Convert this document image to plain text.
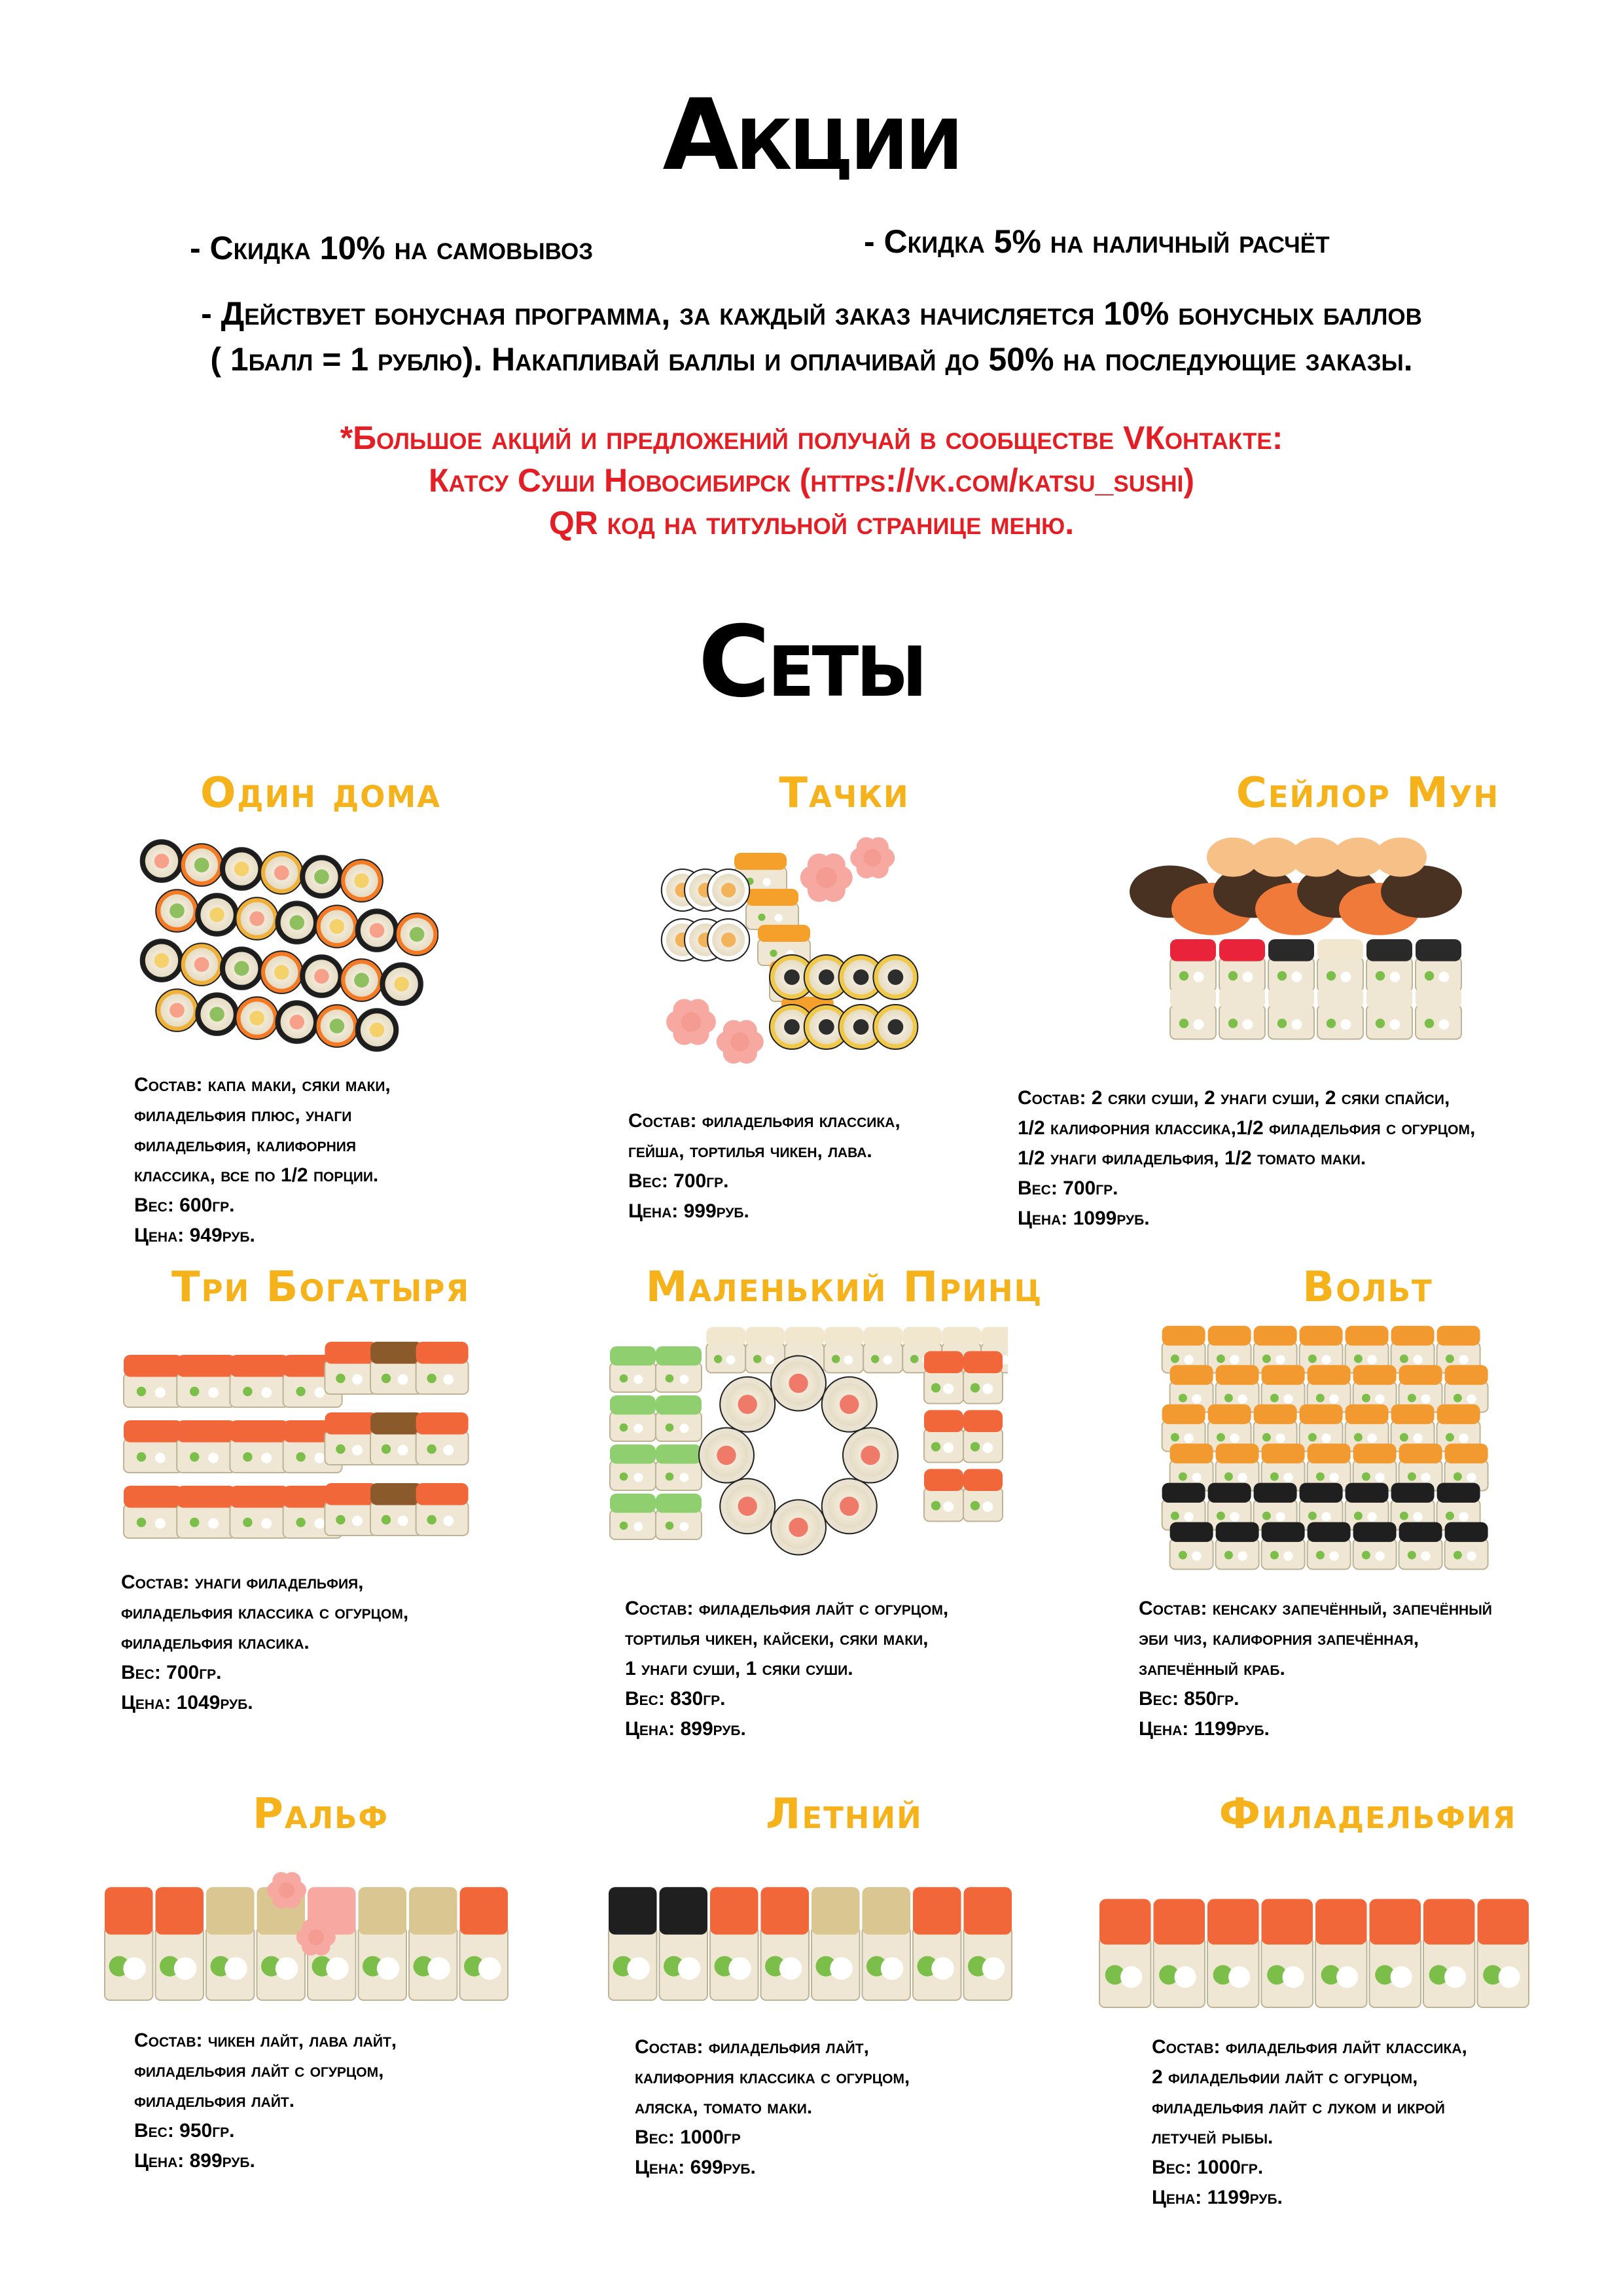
Акции
- Скидка 10% на самовывоз	- Скидка 5% на наличный расчёт
- Действует бонусная программа, за каждый заказ начисляется 10% бонусных баллов
( 1балл = 1 рублю). Накапливай баллы и оплачивай до 50% на последующие заказы.
*Большое акций и предложений получай в сообществе VКонтакте:
Катсу Суши Новосибирск (https://vk.com/katsu_sushi)
QR код на титульной странице меню.
Сеты
Один дома
Состав: капа маки, сяки маки,
филадельфия плюс, унаги
филадельфия, калифорния
классика, все по 1/2 порции.
Вес: 600гр.
Цена: 949руб.
Тачки
Состав: филадельфия классика,
гейша, тортилья чикен, лава.
Вес: 700гр.
Цена: 999руб.
Сейлор Мун
Состав: 2 сяки суши, 2 унаги суши, 2 сяки спайси,
1/2 калифорния классика,1/2 филадельфия с огурцом,
1/2 унаги филадельфия, 1/2 томато маки.
Вес: 700гр.
Цена: 1099руб.
Три Богатыря
Состав: унаги филадельфия,
филадельфия классика с огурцом,
филадельфия класика.
Вес: 700гр.
Цена: 1049руб.
Маленький Принц
Состав: филадельфия лайт с огурцом,
тортилья чикен, кайсеки, сяки маки,
1 унаги суши, 1 сяки суши.
Вес: 830гр.
Цена: 899руб.
Вольт
Состав: кенсаку запечённый, запечённый
эби чиз, калифорния запечённая,
запечённый краб.
Вес: 850гр.
Цена: 1199руб.
Ральф
Состав: чикен лайт, лава лайт,
филадельфия лайт с огурцом,
филадельфия лайт.
Вес: 950гр.
Цена: 899руб.
Летний
Состав: филадельфия лайт,
калифорния классика с огурцом,
аляска, томато маки.
Вес: 1000гр
Цена: 699руб.
Филадельфия
Состав: филадельфия лайт классика,
2 филадельфии лайт с огурцом,
филадельфия лайт с луком и икрой
летучей рыбы.
Вес: 1000гр.
Цена: 1199руб.
